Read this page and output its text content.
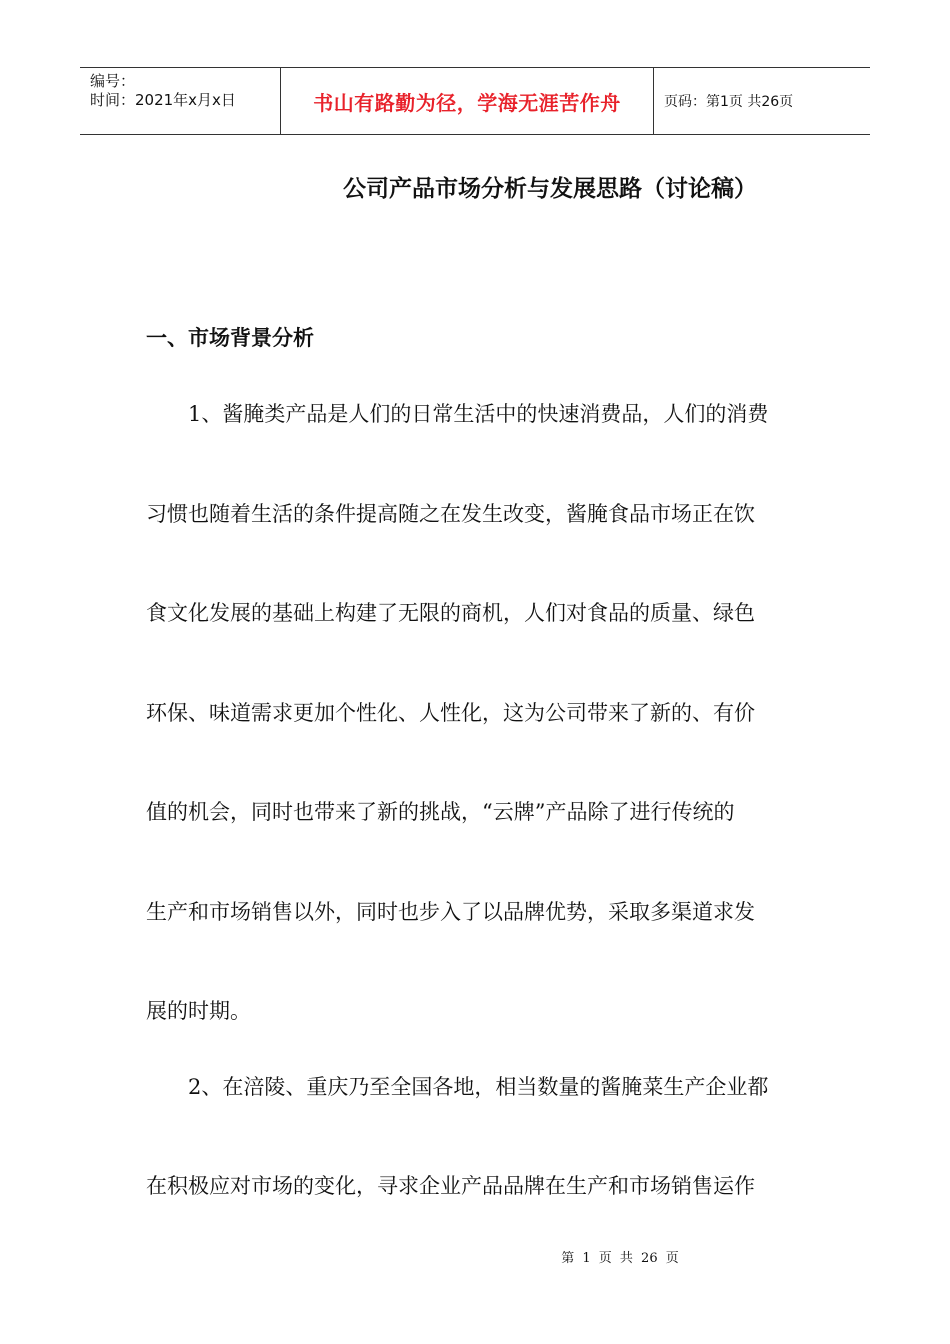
编号：
时间：2021年x月x日	书山有路勤为径，学海无涯苦作舟	页码：第1页 共26页
公司产品市场分析与发展思路（讨论稿）
一、市场背景分析
　　1、酱腌类产品是人们的日常生活中的快速消费品，人们的消费
习惯也随着生活的条件提高随之在发生改变，酱腌食品市场正在饮
食文化发展的基础上构建了无限的商机，人们对食品的质量、绿色
环保、味道需求更加个性化、人性化，这为公司带来了新的、有价
值的机会，同时也带来了新的挑战，“云牌”产品除了进行传统的
生产和市场销售以外，同时也步入了以品牌优势，采取多渠道求发
展的时期。
　　2、在涪陵、重庆乃至全国各地，相当数量的酱腌菜生产企业都
在积极应对市场的变化，寻求企业产品品牌在生产和市场销售运作
第 1 页 共 26 页
